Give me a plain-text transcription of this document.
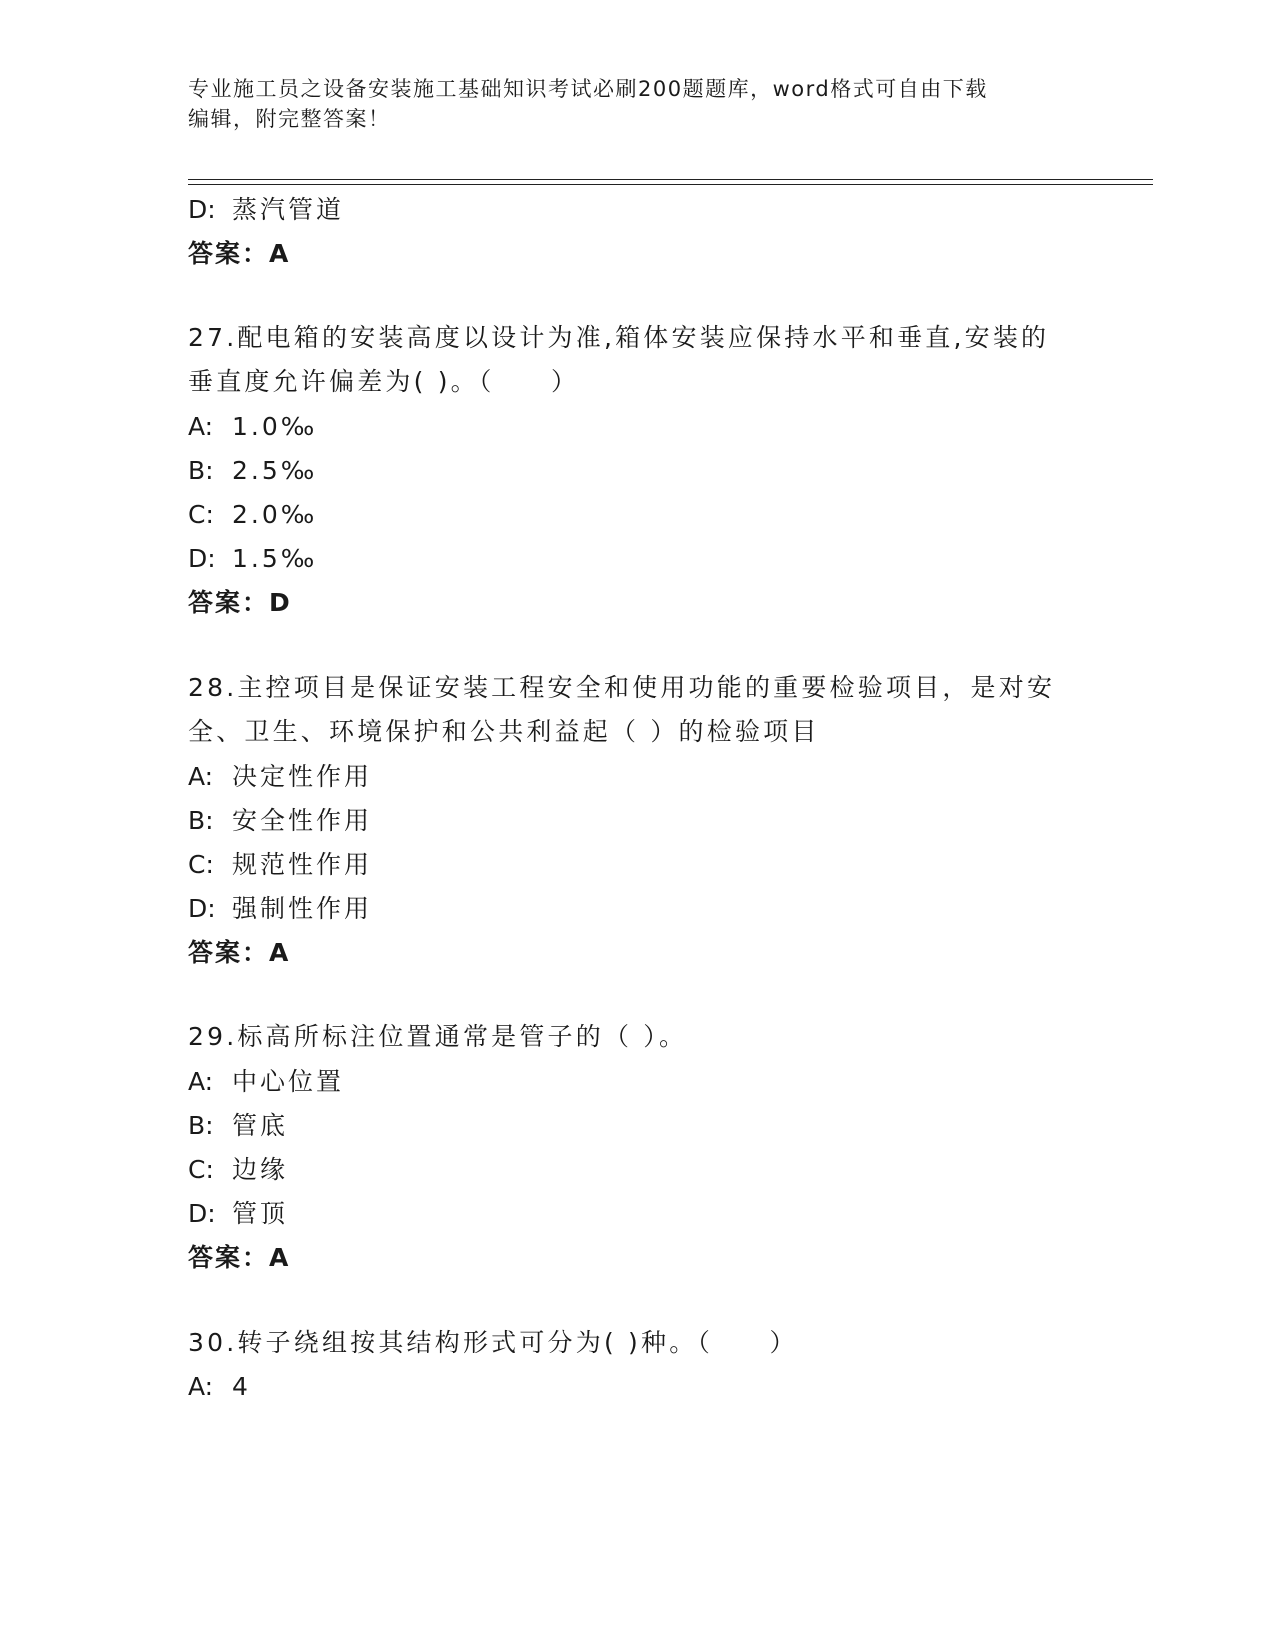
专业施工员之设备安装施工基础知识考试必刷200题题库，word格式可自由下载
编辑，附完整答案！
D: 蒸汽管道
答案：A
27.配电箱的安装高度以设计为准,箱体安装应保持水平和垂直,安装的
垂直度允许偏差为( )。（　　）
A: 1.0‰
B: 2.5‰
C: 2.0‰
D: 1.5‰
答案：D
28.主控项目是保证安装工程安全和使用功能的重要检验项目，是对安
全、卫生、环境保护和公共利益起（ ）的检验项目
A: 决定性作用
B: 安全性作用
C: 规范性作用
D: 强制性作用
答案：A
29.标高所标注位置通常是管子的（ ）。
A: 中心位置
B: 管底
C: 边缘
D: 管顶
答案：A
30.转子绕组按其结构形式可分为( )种。（　　）
A: 4
